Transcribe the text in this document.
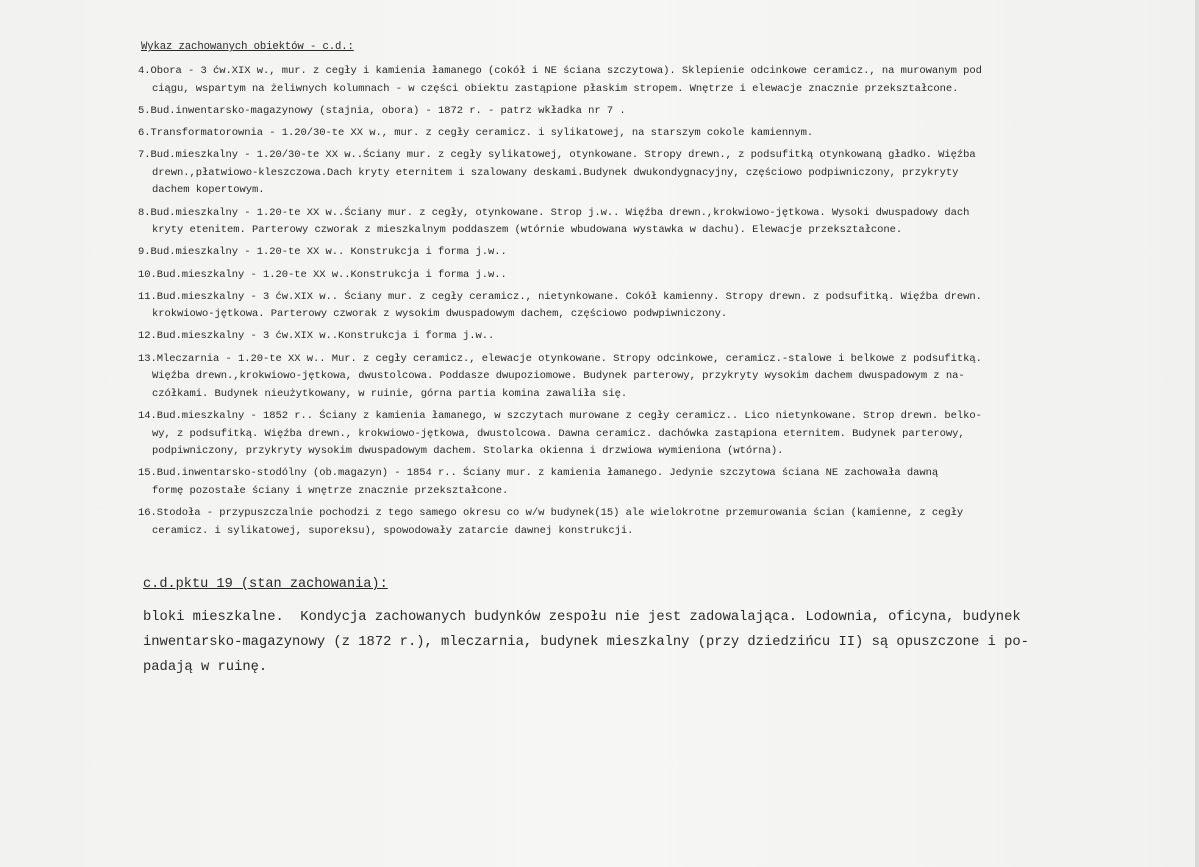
Wykaz zachowanych obiektów - c.d.:
4.Obora - 3 ćw.XIX w., mur. z cegły i kamienia łamanego (cokół i NE ściana szczytowa). Sklepienie odcinkowe ceramicz., na murowanym pod
ciągu, wspartym na żeliwnych kolumnach - w części obiektu zastąpione płaskim stropem. Wnętrze i elewacje znacznie przekształcone.
5.Bud.inwentarsko-magazynowy (stajnia, obora) - 1872 r. - patrz wkładka nr 7 .
6.Transformatorownia - 1.20/30-te XX w., mur. z cegły ceramicz. i sylikatowej, na starszym cokole kamiennym.
7.Bud.mieszkalny - 1.20/30-te XX w..Ściany mur. z cegły sylikatowej, otynkowane. Stropy drewn., z podsufitką otynkowaną gładko. Więźba
drewn.,płatwiowo-kleszczowa.Dach kryty eternitem i szalowany deskami.Budynek dwukondygnacyjny, częściowo podpiwniczony, przykryty
dachem kopertowym.
8.Bud.mieszkalny - 1.20-te XX w..Ściany mur. z cegły, otynkowane. Strop j.w.. Więźba drewn.,krokwiowo-jętkowa. Wysoki dwuspadowy dach
kryty etenitem. Parterowy czworak z mieszkalnym poddaszem (wtórnie wbudowana wystawka w dachu). Elewacje przekształcone.
9.Bud.mieszkalny - 1.20-te XX w.. Konstrukcja i forma j.w..
10.Bud.mieszkalny - 1.20-te XX w..Konstrukcja i forma j.w..
11.Bud.mieszkalny - 3 ćw.XIX w.. Ściany mur. z cegły ceramicz., nietynkowane. Cokół kamienny. Stropy drewn. z podsufitką. Więźba drewn.
krokwiowo-jętkowa. Parterowy czworak z wysokim dwuspadowym dachem, częściowo podwpiwniczony.
12.Bud.mieszkalny - 3 ćw.XIX w..Konstrukcja i forma j.w..
13.Mleczarnia - 1.20-te XX w.. Mur. z cegły ceramicz., elewacje otynkowane. Stropy odcinkowe, ceramicz.-stalowe i belkowe z podsufitką.
Więźba drewn.,krokwiowo-jętkowa, dwustolcowa. Poddasze dwupoziomowe. Budynek parterowy, przykryty wysokim dachem dwuspadowym z na-
czółkami. Budynek nieużytkowany, w ruinie, górna partia komina zawaliła się.
14.Bud.mieszkalny - 1852 r.. Ściany z kamienia łamanego, w szczytach murowane z cegły ceramicz.. Lico nietynkowane. Strop drewn. belko-
wy, z podsufitką. Więźba drewn., krokwiowo-jętkowa, dwustolcowa. Dawna ceramicz. dachówka zastąpiona eternitem. Budynek parterowy,
podpiwniczony, przykryty wysokim dwuspadowym dachem. Stolarka okienna i drzwiowa wymieniona (wtórna).
15.Bud.inwentarsko-stodólny (ob.magazyn) - 1854 r.. Ściany mur. z kamienia łamanego. Jedynie szczytowa ściana NE zachowała dawną
formę pozostałe ściany i wnętrze znacznie przekształcone.
16.Stodoła - przypuszczalnie pochodzi z tego samego okresu co w/w budynek(15) ale wielokrotne przemurowania ścian (kamienne, z cegły
ceramicz. i sylikatowej, suporeksu), spowodowały zatarcie dawnej konstrukcji.
c.d.pktu 19 (stan zachowania):
bloki mieszkalne.  Kondycja zachowanych budynków zespołu nie jest zadowalająca. Lodownia, oficyna, budynek
inwentarsko-magazynowy (z 1872 r.), mleczarnia, budynek mieszkalny (przy dziedzińcu II) są opuszczone i po-
padają w ruinę.
